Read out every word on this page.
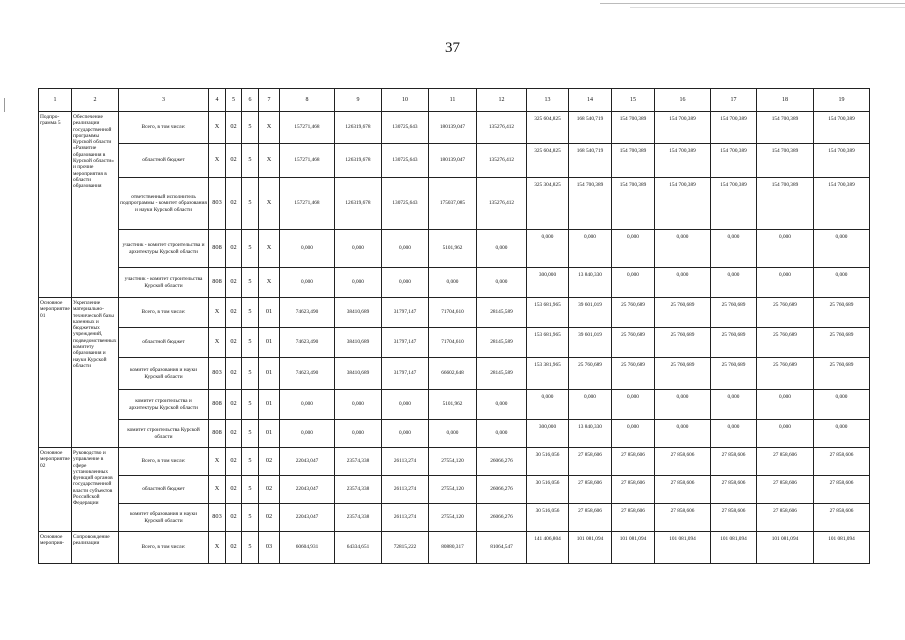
37
1	2	3	4	5	6	7	8	9	10	11	12	13	14	15	16	17	18	19
Подпро-грамма 5	Обеспечение реализации государственной программы Курской области «Развитие образования в Курской области» и прочие мероприятия в области образования	Всего, в том числе:	Х	02	5	Х	157271,468	126319,678	130725,643	180139,047	135276,412	325 604,825	168 540,719	154 700,389	154 700,389	154 700,389	154 700,389	154 700,389
		областной бюджет	Х	02	5	Х	157271,468	126319,678	130725,643	180139,047	135276,412	325 604,825	168 540,719	154 700,389	154 700,389	154 700,389	154 700,389	154 700,389
		ответственный исполнитель подпрограммы - комитет образования и науки Курской области	803	02	5	Х	157271,468	126319,678	130725,643	175037,085	135276,412	325 304,825	154 700,389	154 700,389	154 700,389	154 700,389	154 700,389	154 700,389
		участник - комитет строительства и архитектуры Курской области	808	02	5	Х	0,000	0,000	0,000	5101,962	0,000	0,000	0,000	0,000	0,000	0,000	0,000	0,000
		участник - комитет строительства Курской области	808	02	5	Х	0,000	0,000	0,000	0,000	0,000	300,000	13 840,330	0,000	0,000	0,000	0,000	0,000
Основное мероприятие 01	Укрепление материально-технической базы казенных и бюджетных учреждений, подведомственных комитету образования и науки Курской области	Всего, в том числе:	Х	02	5	01	74623,490	38410,689	31797,147	71704,610	28145,589	153 681,965	39 601,019	25 760,689	25 760,689	25 760,689	25 760,689	25 760,689
		областной бюджет	Х	02	5	01	74623,490	38410,689	31797,147	71704,610	28145,589	153 681,965	39 601,019	25 760,689	25 760,689	25 760,689	25 760,689	25 760,689
		комитет образования и науки Курской области	803	02	5	01	74623,490	38410,689	31797,147	66602,648	28145,589	153 381,965	25 760,689	25 760,689	25 760,689	25 760,689	25 760,689	25 760,689
		комитет строительства и архитектуры Курской области	808	02	5	01	0,000	0,000	0,000	5101,962	0,000	0,000	0,000	0,000	0,000	0,000	0,000	0,000
		комитет строительства Курской области	808	02	5	01	0,000	0,000	0,000	0,000	0,000	300,000	13 840,330	0,000	0,000	0,000	0,000	0,000
Основное мероприятие 02	Руководство и управление в сфере установленных функций органов государственной власти субъектов Российской Федерации	Всего, в том числе:	Х	02	5	02	22043,047	23574,338	26113,274	27554,120	26066,276	30 516,056	27 858,606	27 858,606	27 858,606	27 858,606	27 858,606	27 858,606
		областной бюджет	Х	02	5	02	22043,047	23574,338	26113,274	27554,120	26066,276	30 516,056	27 858,606	27 858,606	27 858,606	27 858,606	27 858,606	27 858,606
		комитет образования и науки Курской области	803	02	5	02	22043,047	23574,338	26113,274	27554,120	26066,276	30 516,056	27 858,606	27 858,606	27 858,606	27 858,606	27 858,606	27 858,606
Основное мероприя-	Сопровождение реализации	Всего, в том числе:	Х	02	5	03	60604,931	64334,651	72815,222	80880,317	81064,547	141 406,804	101 081,094	101 081,094	101 081,094	101 081,094	101 081,094	101 081,094
